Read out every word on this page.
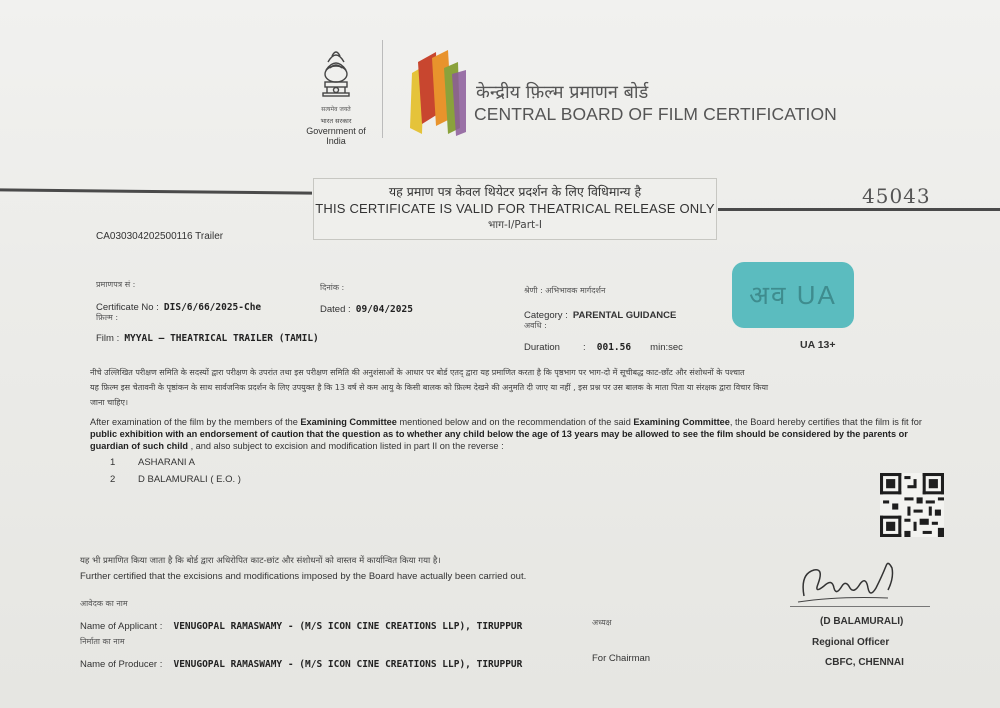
सत्यमेव जयते
भारत सरकार
Government of India
केन्द्रीय फ़िल्म प्रमाणन बोर्ड
CENTRAL BOARD OF FILM CERTIFICATION
यह प्रमाण पत्र केवल थियेटर प्रदर्शन के लिए विधिमान्य है
THIS CERTIFICATE IS VALID FOR THEATRICAL RELEASE ONLY
भाग-I/Part-I
45043
CA030304202500116 Trailer
प्रमाणपत्र सं :
Certificate No : DIS/6/66/2025-Che
दिनांक :
Dated : 09/04/2025
श्रेणी : अभिभावक मार्गदर्शन
Category : PARENTAL GUIDANCE
फ़िल्म :
Film : MYYAL – THEATRICAL TRAILER (TAMIL)
अवधि :
Duration : 001.56 min:sec
अव UA
UA 13+
नीचे उल्लिखित परीक्षण समिति के सदस्यों द्वारा परीक्षण के उपरांत तथा इस परीक्षण समिति की अनुशंसाओं के आधार पर बोर्ड एतद् द्वारा यह प्रमाणित करता है कि पृष्ठभाग पर भाग-दो में सूचीबद्ध काट-छाँट और संशोधनों के पश्चात
यह फ़िल्म इस चेतावनी के पृष्ठांकन के साथ सार्वजनिक प्रदर्शन के लिए उपयुक्त है कि 13 वर्ष से कम आयु के किसी बालक को फ़िल्म देखने की अनुमति दी जाए या नहीं , इस प्रश्न पर उस बालक के माता पिता या संरक्षक द्वारा विचार किया
जाना चाहिए।
After examination of the film by the members of the Examining Committee mentioned below and on the recommendation of the said Examining Committee, the Board hereby certifies that the film is fit for public exhibition with an endorsement of caution that the question as to whether any child below the age of 13 years may be allowed to see the film should be considered by the parents or guardian of such child , and also subject to excision and modification listed in part II on the reverse :
1 ASHARANI A
2 D BALAMURALI ( E.O. )
यह भी प्रमाणित किया जाता है कि बोर्ड द्वारा अधिरोपित काट-छांट और संशोधनों को वास्तव में कार्यान्वित किया गया है।
Further certified that the excisions and modifications imposed by the Board have actually been carried out.
आवेदक का नाम
Name of Applicant : VENUGOPAL RAMASWAMY - (M/S ICON CINE CREATIONS LLP), TIRUPPUR
निर्माता का नाम
Name of Producer : VENUGOPAL RAMASWAMY - (M/S ICON CINE CREATIONS LLP), TIRUPPUR
अध्यक्ष
For Chairman
(D BALAMURALI)
Regional Officer
CBFC, CHENNAI
